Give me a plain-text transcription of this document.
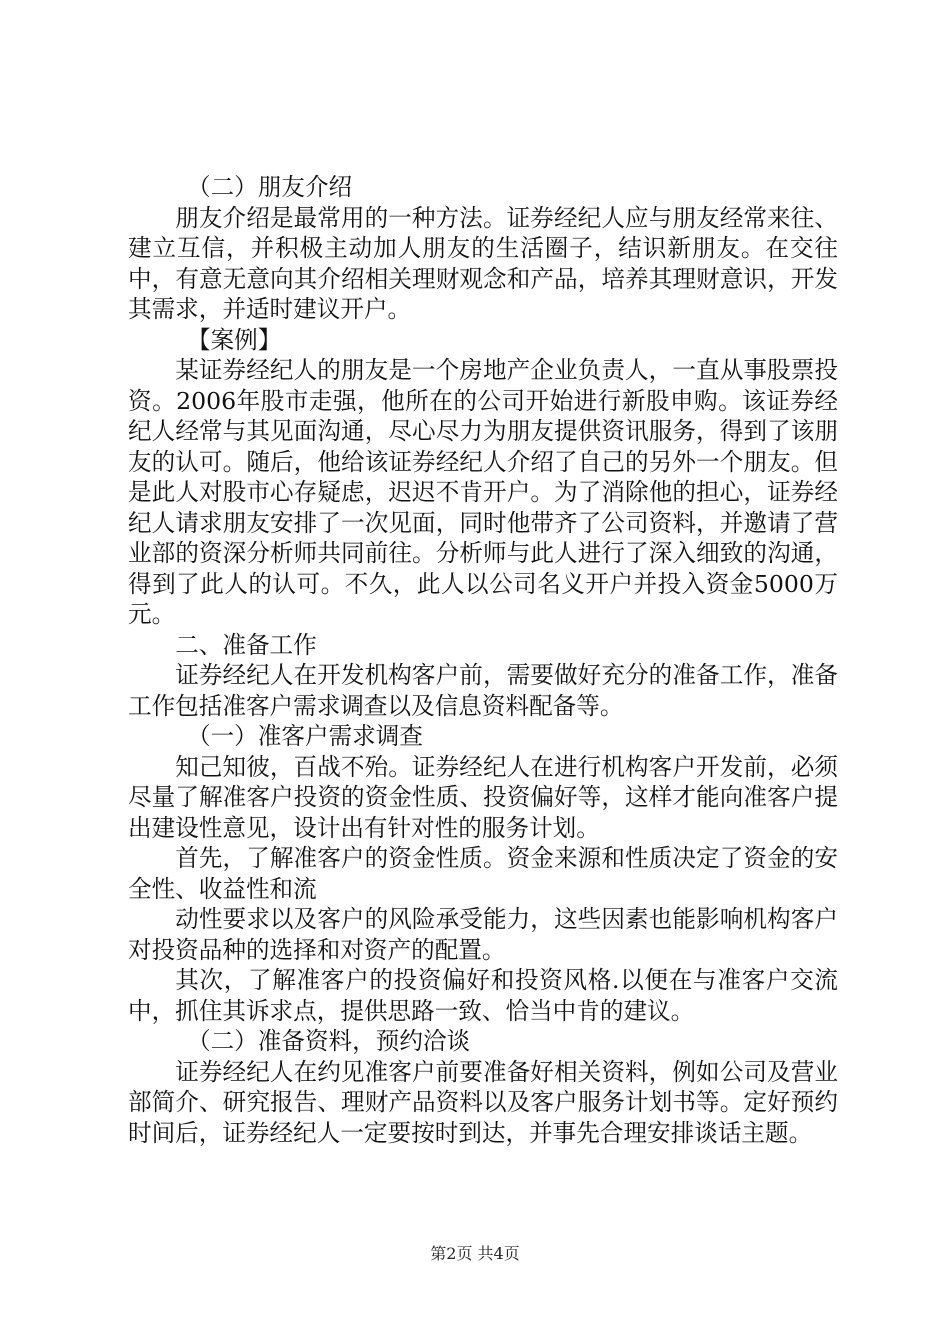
（二）朋友介绍

朋友介绍是最常用的一种方法。证券经纪人应与朋友经常来往、建立互信，并积极主动加人朋友的生活圈子，结识新朋友。在交往中，有意无意向其介绍相关理财观念和产品，培养其理财意识，开发其需求，并适时建议开户。

【案例】

某证券经纪人的朋友是一个房地产企业负责人，一直从事股票投资。2006年股市走强，他所在的公司开始进行新股申购。该证券经纪人经常与其见面沟通，尽心尽力为朋友提供资讯服务，得到了该朋友的认可。随后，他给该证券经纪人介绍了自己的另外一个朋友。但是此人对股市心存疑虑，迟迟不肯开户。为了消除他的担心，证券经纪人请求朋友安排了一次见面，同时他带齐了公司资料，并邀请了营业部的资深分析师共同前往。分析师与此人进行了深入细致的沟通，得到了此人的认可。不久，此人以公司名义开户并投入资金5000万元。

二、准备工作

证券经纪人在开发机构客户前，需要做好充分的准备工作，准备工作包括准客户需求调查以及信息资料配备等。

（一）准客户需求调查

知己知彼，百战不殆。证券经纪人在进行机构客户开发前，必须尽量了解准客户投资的资金性质、投资偏好等，这样才能向准客户提出建设性意见，设计出有针对性的服务计划。

首先，了解准客户的资金性质。资金来源和性质决定了资金的安全性、收益性和流

动性要求以及客户的风险承受能力，这些因素也能影响机构客户对投资品种的选择和对资产的配置。

其次，了解准客户的投资偏好和投资风格.以便在与准客户交流中，抓住其诉求点，提供思路一致、恰当中肯的建议。

（二）准备资料，预约洽谈

证券经纪人在约见准客户前要准备好相关资料，例如公司及营业部简介、研究报告、理财产品资料以及客户服务计划书等。定好预约时间后，证券经纪人一定要按时到达，并事先合理安排谈话主题。

第2页 共4页
